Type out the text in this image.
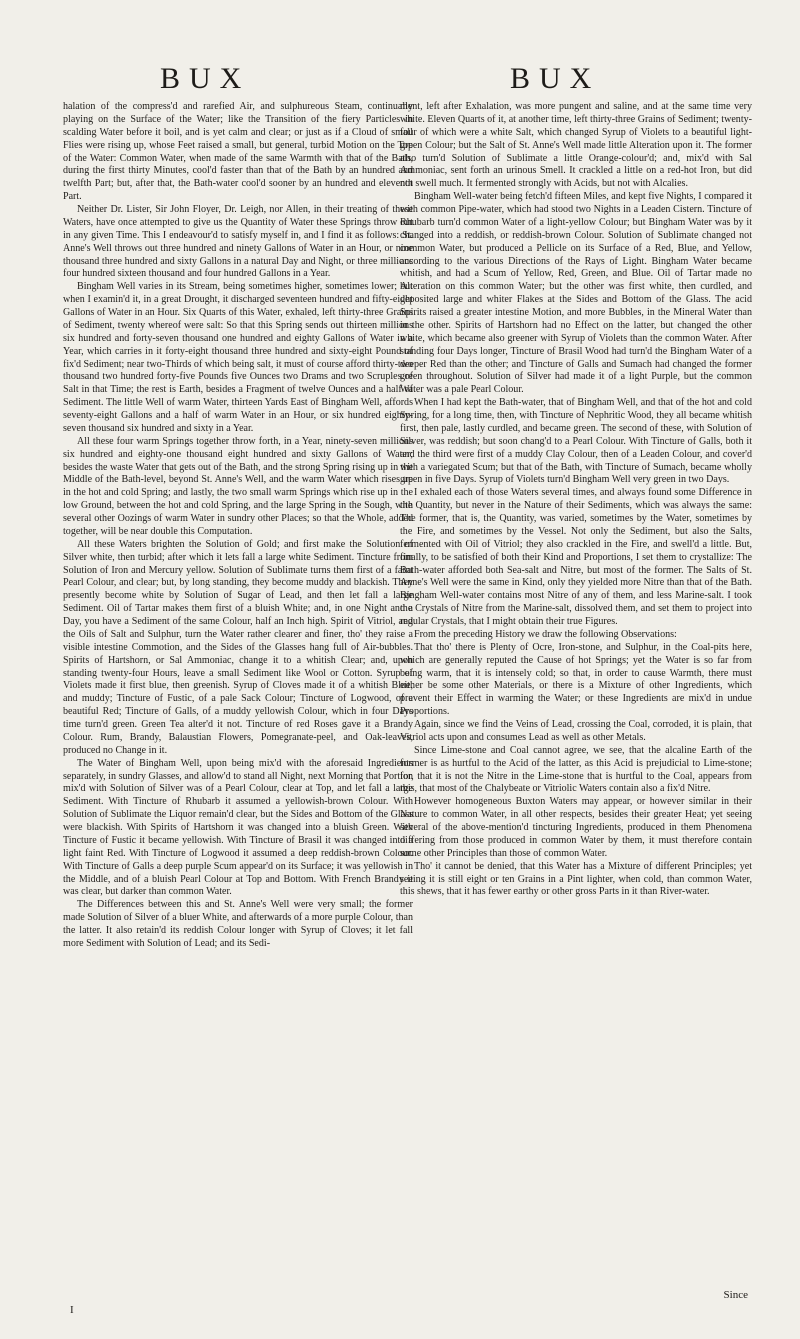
BUX	BUX

halation of the compress'd and rarefied Air, and sulphureous Steam, continually playing on the Surface of the Water; like the Transition of the fiery Particles in scalding Water before it boil, and is yet calm and clear; or just as if a Cloud of small Flies were rising up, whose Feet raised a small, but general, turbid Motion on the Top of the Water: Common Water, when made of the same Warmth with that of the Bath, during the first thirty Minutes, cool'd faster than that of the Bath by an hundred and twelfth Part; but, after that, the Bath-water cool'd sooner by an hundred and eleventh Part.

Neither Dr. Lister, Sir John Floyer, Dr. Leigh, nor Allen, in their treating of these Waters, have once attempted to give us the Quantity of Water these Springs throw out in any given Time. This I endeavour'd to satisfy myself in, and I find it as follows: St. Anne's Well throws out three hundred and ninety Gallons of Water in an Hour, or nine thousand three hundred and sixty Gallons in a natural Day and Night, or three millions four hundred sixteen thousand and four hundred Gallons in a Year.

Bingham Well varies in its Stream, being sometimes higher, sometimes lower; but when I examin'd it, in a great Drought, it discharged seventeen hundred and fifty-eight Gallons of Water in an Hour. Six Quarts of this Water, exhaled, left thirty-three Grains of Sediment, twenty whereof were salt: So that this Spring sends out thirteen millions six hundred and forty-seven thousand one hundred and eighty Gallons of Water in a Year, which carries in it forty-eight thousand three hundred and sixty-eight Pound of fix'd Sediment; near two-Thirds of which being salt, it must of course afford thirty-two thousand two hundred forty-five Pounds five Ounces two Drams and two Scruples of Salt in that Time; the rest is Earth, besides a Fragment of twelve Ounces and a half of Sediment. The little Well of warm Water, thirteen Yards East of Bingham Well, affords seventy-eight Gallons and a half of warm Water in an Hour, or six hundred eighty-seven thousand six hundred and sixty in a Year.

All these four warm Springs together throw forth, in a Year, ninety-seven millions six hundred and eighty-one thousand eight hundred and sixty Gallons of Water; besides the waste Water that gets out of the Bath, and the strong Spring rising up in the Middle of the Bath-level, beyond St. Anne's Well, and the warm Water which rises up in the hot and cold Spring; and lastly, the two small warm Springs which rise up in the low Ground, between the hot and cold Spring, and the large Spring in the Sough, with several other Oozings of warm Water in sundry other Places; so that the Whole, added together, will be near double this Computation.

All these Waters brighten the Solution of Gold; and first make the Solution of Silver white, then turbid; after which it lets fall a large white Sediment. Tincture from Solution of Iron and Mercury yellow. Solution of Sublimate turns them first of a faint Pearl Colour, and clear; but, by long standing, they become muddy and blackish. They presently become white by Solution of Sugar of Lead, and then let fall a large Sediment. Oil of Tartar makes them first of a bluish White; and, in one Night and a Day, you have a Sediment of the same Colour, half an Inch high. Spirit of Vitriol, and the Oils of Salt and Sulphur, turn the Water rather clearer and finer, tho' they raise a visible intestine Commotion, and the Sides of the Glasses hang full of Air-bubbles. Spirits of Hartshorn, or Sal Ammoniac, change it to a whitish Clear; and, upon standing twenty-four Hours, leave a small Sediment like Wool or Cotton. Syrup of Violets made it first blue, then greenish. Syrup of Cloves made it of a whitish Blue, and muddy; Tincture of Fustic, of a pale Sack Colour; Tincture of Logwood, of a beautiful Red; Tincture of Galls, of a muddy yellowish Colour, which in four Days time turn'd green. Green Tea alter'd it not. Tincture of red Roses gave it a Brandy Colour. Rum, Brandy, Balaustian Flowers, Pomegranate-peel, and Oak-leaves, produced no Change in it.

The Water of Bingham Well, upon being mix'd with the aforesaid Ingredients separately, in sundry Glasses, and allow'd to stand all Night, next Morning that Portion mix'd with Solution of Silver was of a Pearl Colour, clear at Top, and let fall a large Sediment. With Tincture of Rhubarb it assumed a yellowish-brown Colour. With Solution of Sublimate the Liquor remain'd clear, but the Sides and Bottom of the Glass were blackish. With Spirits of Hartshorn it was changed into a bluish Green. With Tincture of Fustic it became yellowish. With Tincture of Brasil it was changed into a light faint Red. With Tincture of Logwood it assumed a deep reddish-brown Colour. With Tincture of Galls a deep purple Scum appear'd on its Surface; it was yellowish in the Middle, and of a bluish Pearl Colour at Top and Bottom. With French Brandy it was clear, but darker than common Water.

The Differences between this and St. Anne's Well were very small; the former made Solution of Silver of a bluer White, and afterwards of a more purple Colour, than the latter. It also retain'd its reddish Colour longer with Syrup of Cloves; it let fall more Sediment with Solution of Lead; and its Sedi-

ment, left after Exhalation, was more pungent and saline, and at the same time very white. Eleven Quarts of it, at another time, left thirty-three Grains of Sediment; twenty-four of which were a white Salt, which changed Syrup of Violets to a beautiful light-green Colour; but the Salt of St. Anne's Well made little Alteration upon it. The former also turn'd Solution of Sublimate a little Orange-colour'd; and, mix'd with Sal Ammoniac, sent forth an urinous Smell. It crackled a little on a red-hot Iron, but did not swell much. It fermented strongly with Acids, but not with Alcalies.

Bingham Well-water being fetch'd fifteen Miles, and kept five Nights, I compared it with common Pipe-water, which had stood two Nights in a Leaden Cistern. Tincture of Rhubarb turn'd common Water of a light-yellow Colour; but Bingham Water was by it changed into a reddish, or reddish-brown Colour. Solution of Sublimate changed not common Water, but produced a Pellicle on its Surface of a Red, Blue, and Yellow, according to the various Directions of the Rays of Light. Bingham Water became whitish, and had a Scum of Yellow, Red, Green, and Blue. Oil of Tartar made no Alteration on this common Water; but the other was first white, then curdled, and deposited large and whiter Flakes at the Sides and Bottom of the Glass. The acid Spirits raised a greater intestine Motion, and more Bubbles, in the Mineral Water than in the other. Spirits of Hartshorn had no Effect on the latter, but changed the other white, which became also greener with Syrup of Violets than the common Water. After standing four Days longer, Tincture of Brasil Wood had turn'd the Bingham Water of a deeper Red than the other; and Tincture of Galls and Sumach had changed the former green throughout. Solution of Silver had made it of a light Purple, but the common Water was a pale Pearl Colour.

When I had kept the Bath-water, that of Bingham Well, and that of the hot and cold Spring, for a long time, then, with Tincture of Nephritic Wood, they all became whitish first, then pale, lastly curdled, and became green. The second of these, with Solution of Silver, was reddish; but soon chang'd to a Pearl Colour. With Tincture of Galls, both it and the third were first of a muddy Clay Colour, then of a Leaden Colour, and cover'd with a variegated Scum; but that of the Bath, with Tincture of Sumach, became wholly green in five Days. Syrup of Violets turn'd Bingham Well very green in two Days.

I exhaled each of those Waters several times, and always found some Difference in the Quantity, but never in the Nature of their Sediments, which was always the same: The former, that is, the Quantity, was varied, sometimes by the Water, sometimes by the Fire, and sometimes by the Vessel. Not only the Sediment, but also the Salts, fermented with Oil of Vitriol; they also crackled in the Fire, and swell'd a little. But, finally, to be satisfied of both their Kind and Proportions, I set them to crystallize: The Bath-water afforded both Sea-salt and Nitre, but most of the former. The Salts of St. Anne's Well were the same in Kind, only they yielded more Nitre than that of the Bath. Bingham Well-water contains most Nitre of any of them, and less Marine-salt. I took the Crystals of Nitre from the Marine-salt, dissolved them, and set them to project into regular Crystals, that I might obtain their true Figures.

From the preceding History we draw the following Observations:

That tho' there is Plenty of Ocre, Iron-stone, and Sulphur, in the Coal-pits here, which are generally reputed the Cause of hot Springs; yet the Water is so far from being warm, that it is intensely cold; so that, in order to cause Warmth, there must either be some other Materials, or there is a Mixture of other Ingredients, which prevent their Effect in warming the Water; or these Ingredients are mix'd in undue Proportions.

Again, since we find the Veins of Lead, crossing the Coal, corroded, it is plain, that Vitriol acts upon and consumes Lead as well as other Metals.

Since Lime-stone and Coal cannot agree, we see, that the alcaline Earth of the former is as hurtful to the Acid of the latter, as this Acid is prejudicial to Lime-stone; for, that it is not the Nitre in the Lime-stone that is hurtful to the Coal, appears from this, that most of the Chalybeate or Vitriolic Waters contain also a fix'd Nitre.

However homogeneous Buxton Waters may appear, or however similar in their Nature to common Water, in all other respects, besides their greater Heat; yet seeing several of the above-mention'd tincturing Ingredients, produced in them Phenomena differing from those produced in common Water by them, it must therefore contain some other Principles than those of common Water.

Tho' it cannot be denied, that this Water has a Mixture of different Principles; yet seeing it is still eight or ten Grains in a Pint lighter, when cold, than common Water, this shews, that it has fewer earthy or other gross Parts in it than River-water.

Since
I
